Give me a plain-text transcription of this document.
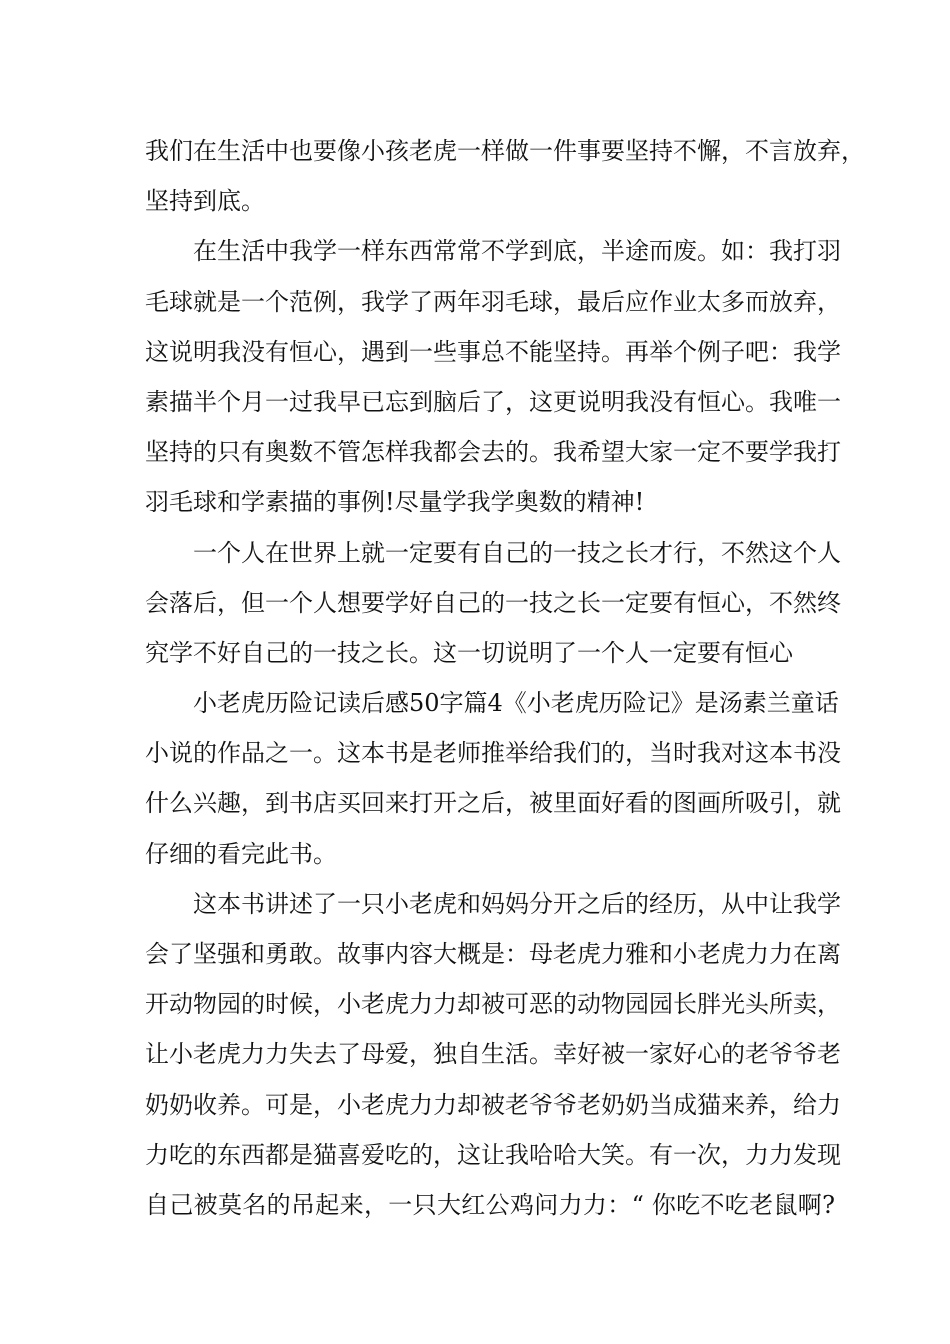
我们在生活中也要像小孩老虎一样做一件事要坚持不懈，不言放弃，
坚持到底。
在生活中我学一样东西常常不学到底，半途而废。如：我打羽
毛球就是一个范例，我学了两年羽毛球，最后应作业太多而放弃，
这说明我没有恒心，遇到一些事总不能坚持。再举个例子吧：我学
素描半个月一过我早已忘到脑后了，这更说明我没有恒心。我唯一
坚持的只有奥数不管怎样我都会去的。我希望大家一定不要学我打
羽毛球和学素描的事例!尽量学我学奥数的精神!
一个人在世界上就一定要有自己的一技之长才行，不然这个人
会落后，但一个人想要学好自己的一技之长一定要有恒心，不然终
究学不好自己的一技之长。这一切说明了一个人一定要有恒心
小老虎历险记读后感50字篇4《小老虎历险记》是汤素兰童话
小说的作品之一。这本书是老师推举给我们的，当时我对这本书没
什么兴趣，到书店买回来打开之后，被里面好看的图画所吸引，就
仔细的看完此书。
这本书讲述了一只小老虎和妈妈分开之后的经历，从中让我学
会了坚强和勇敢。故事内容大概是：母老虎力雅和小老虎力力在离
开动物园的时候，小老虎力力却被可恶的动物园园长胖光头所卖，
让小老虎力力失去了母爱，独自生活。幸好被一家好心的老爷爷老
奶奶收养。可是，小老虎力力却被老爷爷老奶奶当成猫来养，给力
力吃的东西都是猫喜爱吃的，这让我哈哈大笑。有一次，力力发现
自己被莫名的吊起来，一只大红公鸡问力力：“ 你吃不吃老鼠啊?
